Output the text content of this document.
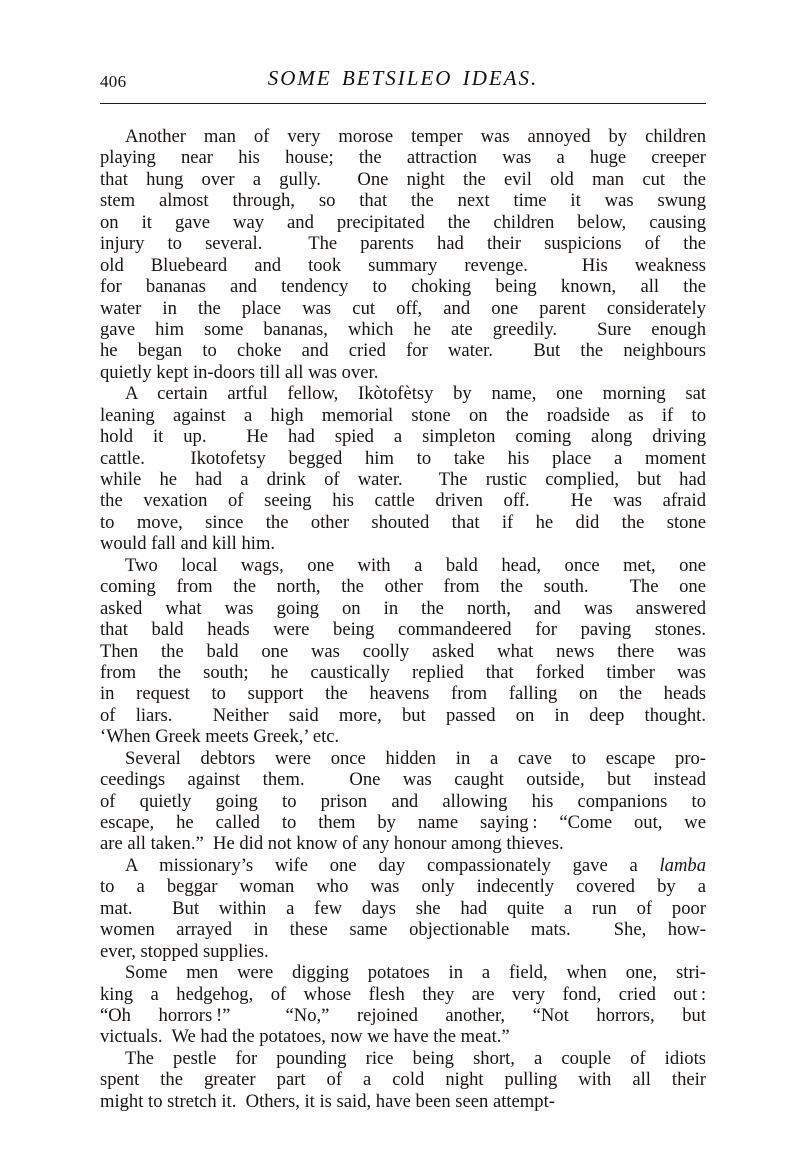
406	SOME BETSILEO IDEAS.
Another man of very morose temper was annoyed by children
playing near his house; the attraction was a huge creeper
that hung over a gully.  One night the evil old man cut the
stem almost through, so that the next time it was swung
on it gave way and precipitated the children below, causing
injury to several.  The parents had their suspicions of the
old Bluebeard and took summary revenge.  His weakness
for bananas and tendency to choking being known, all the
water in the place was cut off, and one parent considerately
gave him some bananas, which he ate greedily.  Sure enough
he began to choke and cried for water.  But the neighbours
quietly kept in-doors till all was over.
A certain artful fellow, Ikòtofètsy by name, one morning sat
leaning against a high memorial stone on the roadside as if to
hold it up.  He had spied a simpleton coming along driving
cattle.  Ikotofetsy begged him to take his place a moment
while he had a drink of water.  The rustic complied, but had
the vexation of seeing his cattle driven off.  He was afraid
to move, since the other shouted that if he did the stone
would fall and kill him.
Two local wags, one with a bald head, once met, one
coming from the north, the other from the south.  The one
asked what was going on in the north, and was answered
that bald heads were being commandeered for paving stones.
Then the bald one was coolly asked what news there was
from the south; he caustically replied that forked timber was
in request to support the heavens from falling on the heads
of liars.  Neither said more, but passed on in deep thought.
‘When Greek meets Greek,’ etc.
Several debtors were once hidden in a cave to escape pro-
ceedings against them.  One was caught outside, but instead
of quietly going to prison and allowing his companions to
escape, he called to them by name saying : “Come out, we
are all taken.”  He did not know of any honour among thieves.
A missionary’s wife one day compassionately gave a lamba
to a beggar woman who was only indecently covered by a
mat.  But within a few days she had quite a run of poor
women arrayed in these same objectionable mats.  She, how-
ever, stopped supplies.
Some men were digging potatoes in a field, when one, stri-
king a hedgehog, of whose flesh they are very fond, cried out :
“Oh horrors !”  “No,” rejoined another, “Not horrors, but
victuals.  We had the potatoes, now we have the meat.”
The pestle for pounding rice being short, a couple of idiots
spent the greater part of a cold night pulling with all their
might to stretch it.  Others, it is said, have been seen attempt-
